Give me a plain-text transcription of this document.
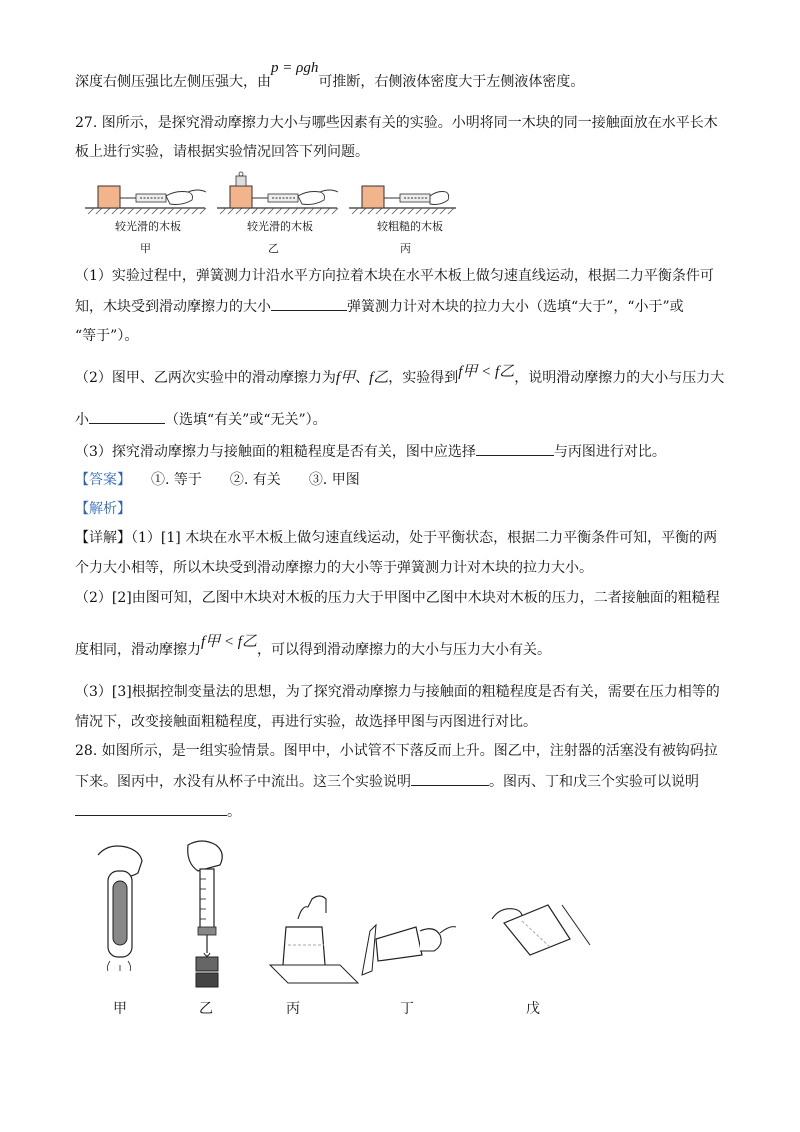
深度右侧压强比左侧压强大，由p = ρgh可推断，右侧液体密度大于左侧液体密度。
27. 图所示，是探究滑动摩擦力大小与哪些因素有关的实验。小明将同一木块的同一接触面放在水平长木
板上进行实验，请根据实验情况回答下列问题。
较光滑的木板	较光滑的木板	较粗糙的木板
甲	乙	丙
（1）实验过程中，弹簧测力计沿水平方向拉着木块在水平木板上做匀速直线运动，根据二力平衡条件可
知，木块受到滑动摩擦力的大小	弹簧测力计对木块的拉力大小（选填“大于”，“小于”或
“等于”）。
（2）图甲、乙两次实验中的滑动摩擦力为f甲、f乙，实验得到f甲 < f乙，说明滑动摩擦力的大小与压力大
小	（选填“有关”或“无关”）。
（3）探究滑动摩擦力与接触面的粗糙程度是否有关，图中应选择	与丙图进行对比。
【答案】 ①. 等于 ②. 有关 ③. 甲图
【解析】
【详解】（1）[1] 木块在水平木板上做匀速直线运动，处于平衡状态，根据二力平衡条件可知，平衡的两
个力大小相等，所以木块受到滑动摩擦力的大小等于弹簧测力计对木块的拉力大小。
（2）[2]由图可知，乙图中木块对木板的压力大于甲图中乙图中木块对木板的压力，二者接触面的粗糙程
度相同，滑动摩擦力f甲 < f乙，可以得到滑动摩擦力的大小与压力大小有关。
（3）[3]根据控制变量法的思想，为了探究滑动摩擦力与接触面的粗糙程度是否有关，需要在压力相等的
情况下，改变接触面粗糙程度，再进行实验，故选择甲图与丙图进行对比。
28. 如图所示，是一组实验情景。图甲中，小试管不下落反而上升。图乙中，注射器的活塞没有被钩码拉
下来。图丙中，水没有从杯子中流出。这三个实验说明	。图丙、丁和戊三个实验可以说明
。
甲	乙	丙	丁	戊
